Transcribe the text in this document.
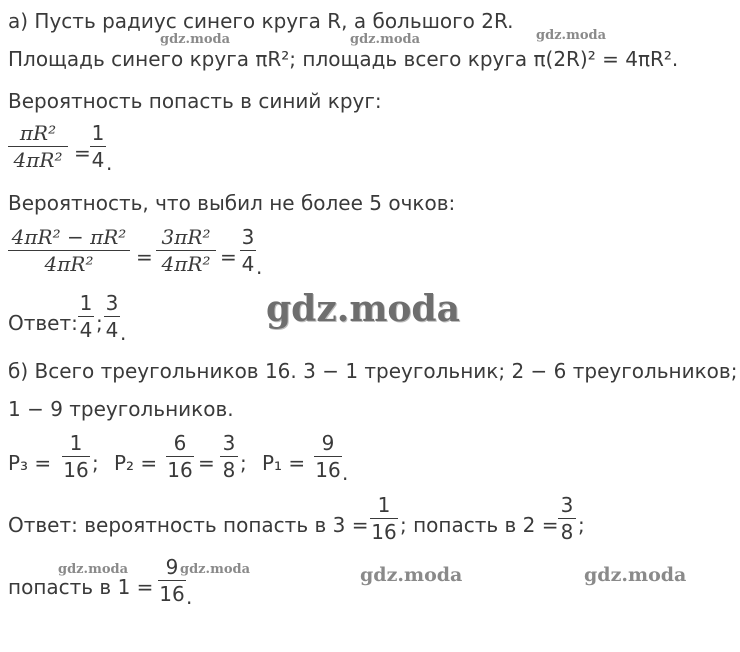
а) Пусть радиус синего круга R, а большого 2R.
Площадь синего круга πR²; площадь всего круга π(2R)² = 4πR².
Вероятность попасть в синий круг:
πR²
4πR² =
1
4 .
Вероятность, что выбил не более 5 очков:
4πR² − πR²
4πR²	=
3πR²
4πR² =
3
4 .
Ответ:
1
4 ;
3
4 .
б) Всего треугольников 16. 3 − 1 треугольник; 2 − 6 треугольников;
1 − 9 треугольников.
P₃ =
1
16 ; P₂ =
6
16 =
3
8 ; P₁ =
9
16 .
Ответ: вероятность попасть в 3 =
1
16 ; попасть в 2 =
3
8 ;
попасть в 1 =
9
16 .
gdz.moda	gdz.moda	gdz.moda
gdz.moda
gdz.moda	gdz.moda	gdz.moda	gdz.moda
